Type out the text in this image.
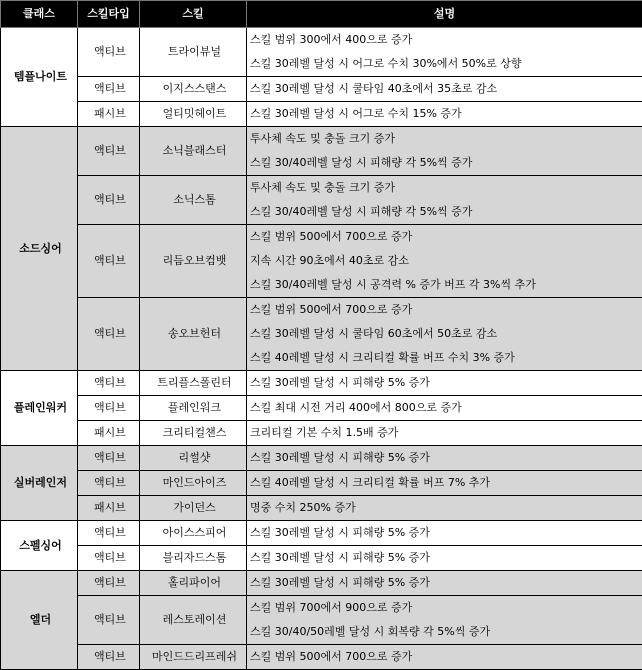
클래스	스킬타입	스킬	설명
템플나이트	액티브	트라이뷰널	스킬 범위 300에서 400으로 증가
스킬 30레벨 달성 시 어그로 수치 30%에서 50%로 상향

	액티브	이지스스탠스	스킬 30레벨 달성 시 쿨타임 40초에서 35초로 감소

	패시브	얼티밋헤이트	스킬 30레벨 달성 시 어그로 수치 15% 증가

소드싱어	액티브	소닉블래스터	투사체 속도 및 충돌 크기 증가
스킬 30/40레벨 달성 시 피해량 각 5%씩 증가

	액티브	소닉스톰	투사체 속도 및 충돌 크기 증가
스킬 30/40레벨 달성 시 피해량 각 5%씩 증가

	액티브	리듬오브컴뱃	스킬 범위 500에서 700으로 증가
지속 시간 90초에서 40초로 감소
스킬 30/40레벨 달성 시 공격력 % 증가 버프 각 3%씩 추가

	액티브	송오브헌터	스킬 범위 500에서 700으로 증가
스킬 30레벨 달성 시 쿨타임 60초에서 50초로 감소
스킬 40레벨 달성 시 크리티컬 확률 버프 수치 3% 증가

플레인워커	액티브	트리플스폴린터	스킬 30레벨 달성 시 피해량 5% 증가

	액티브	플레인워크	스킬 최대 시전 거리 400에서 800으로 증가

	패시브	크리티컬챈스	크리티컬 기본 수치 1.5배 증가

실버레인저	액티브	리썰샷	스킬 30레벨 달성 시 피해량 5% 증가

	액티브	마인드아이즈	스킬 40레벨 달성 시 크리티컬 확률 버프 7% 추가

	패시브	가이던스	명중 수치 250% 증가

스펠싱어	액티브	아이스스피어	스킬 30레벨 달성 시 피해량 5% 증가

	액티브	블리자드스톰	스킬 30레벨 달성 시 피해량 5% 증가

엘더	액티브	홀리파이어	스킬 30레벨 달성 시 피해량 5% 증가

	액티브	레스토레이션	스킬 범위 700에서 900으로 증가
스킬 30/40/50레벨 달성 시 회복량 각 5%씩 증가

	액티브	마인드드리프레쉬	스킬 범위 500에서 700으로 증가
